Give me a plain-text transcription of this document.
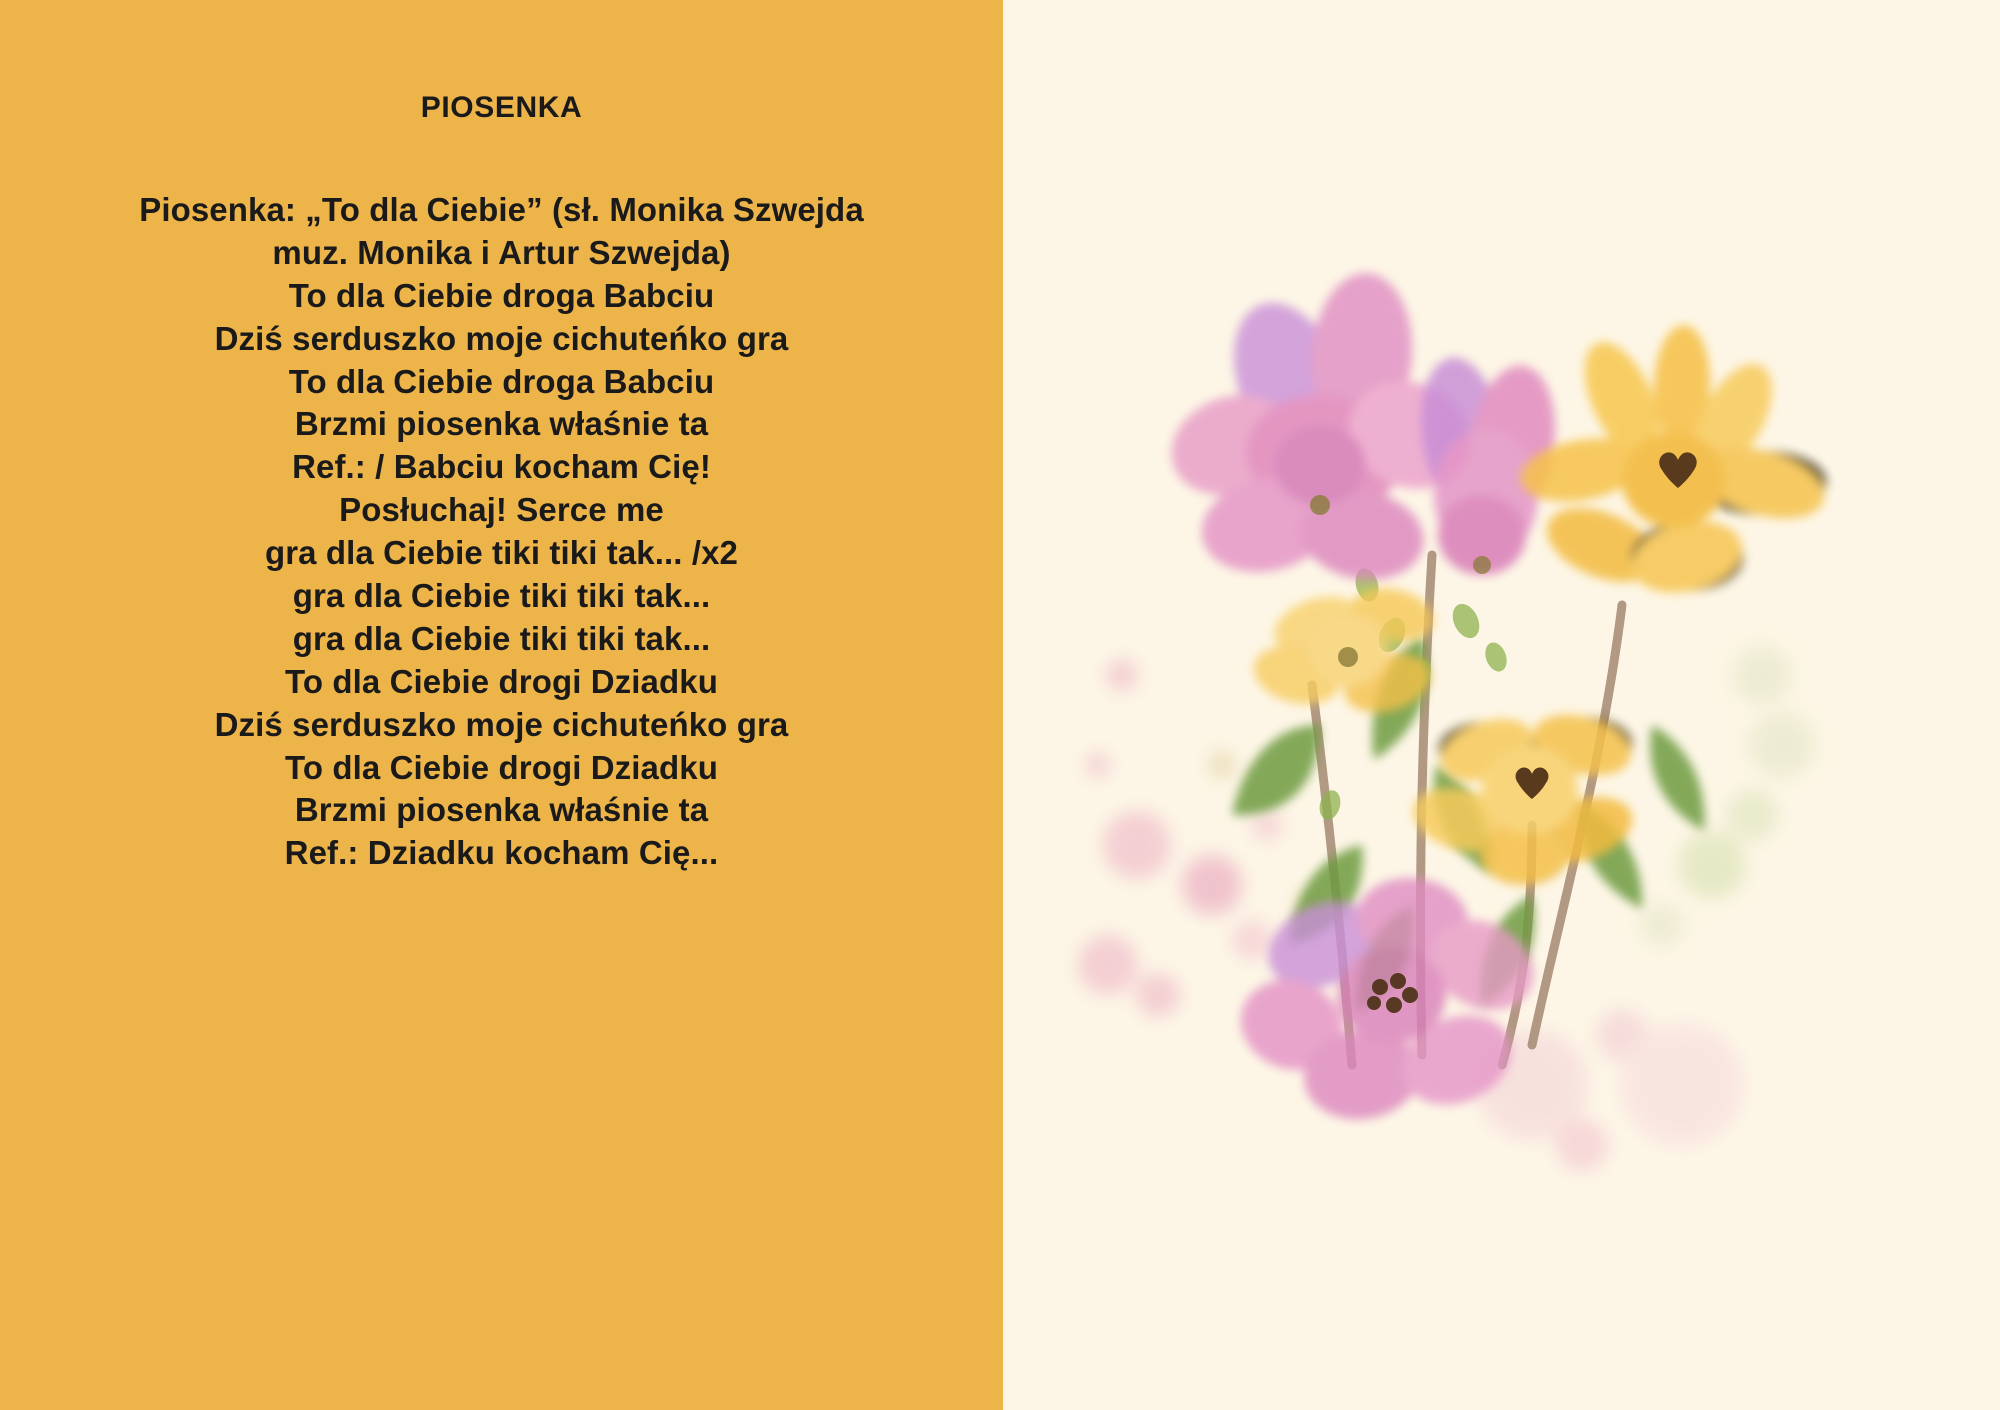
PIOSENKA
Piosenka: „To dla Ciebie” (sł. Monika Szwejda
muz. Monika i Artur Szwejda)
To dla Ciebie droga Babciu
Dziś serduszko moje cichuteńko gra
To dla Ciebie droga Babciu
Brzmi piosenka właśnie ta
Ref.: / Babciu kocham Cię!
Posłuchaj! Serce me
gra dla Ciebie tiki tiki tak... /x2
gra dla Ciebie tiki tiki tak...
gra dla Ciebie tiki tiki tak...
To dla Ciebie drogi Dziadku
Dziś serduszko moje cichuteńko gra
To dla Ciebie drogi Dziadku
Brzmi piosenka właśnie ta
Ref.: Dziadku kocham Cię...
